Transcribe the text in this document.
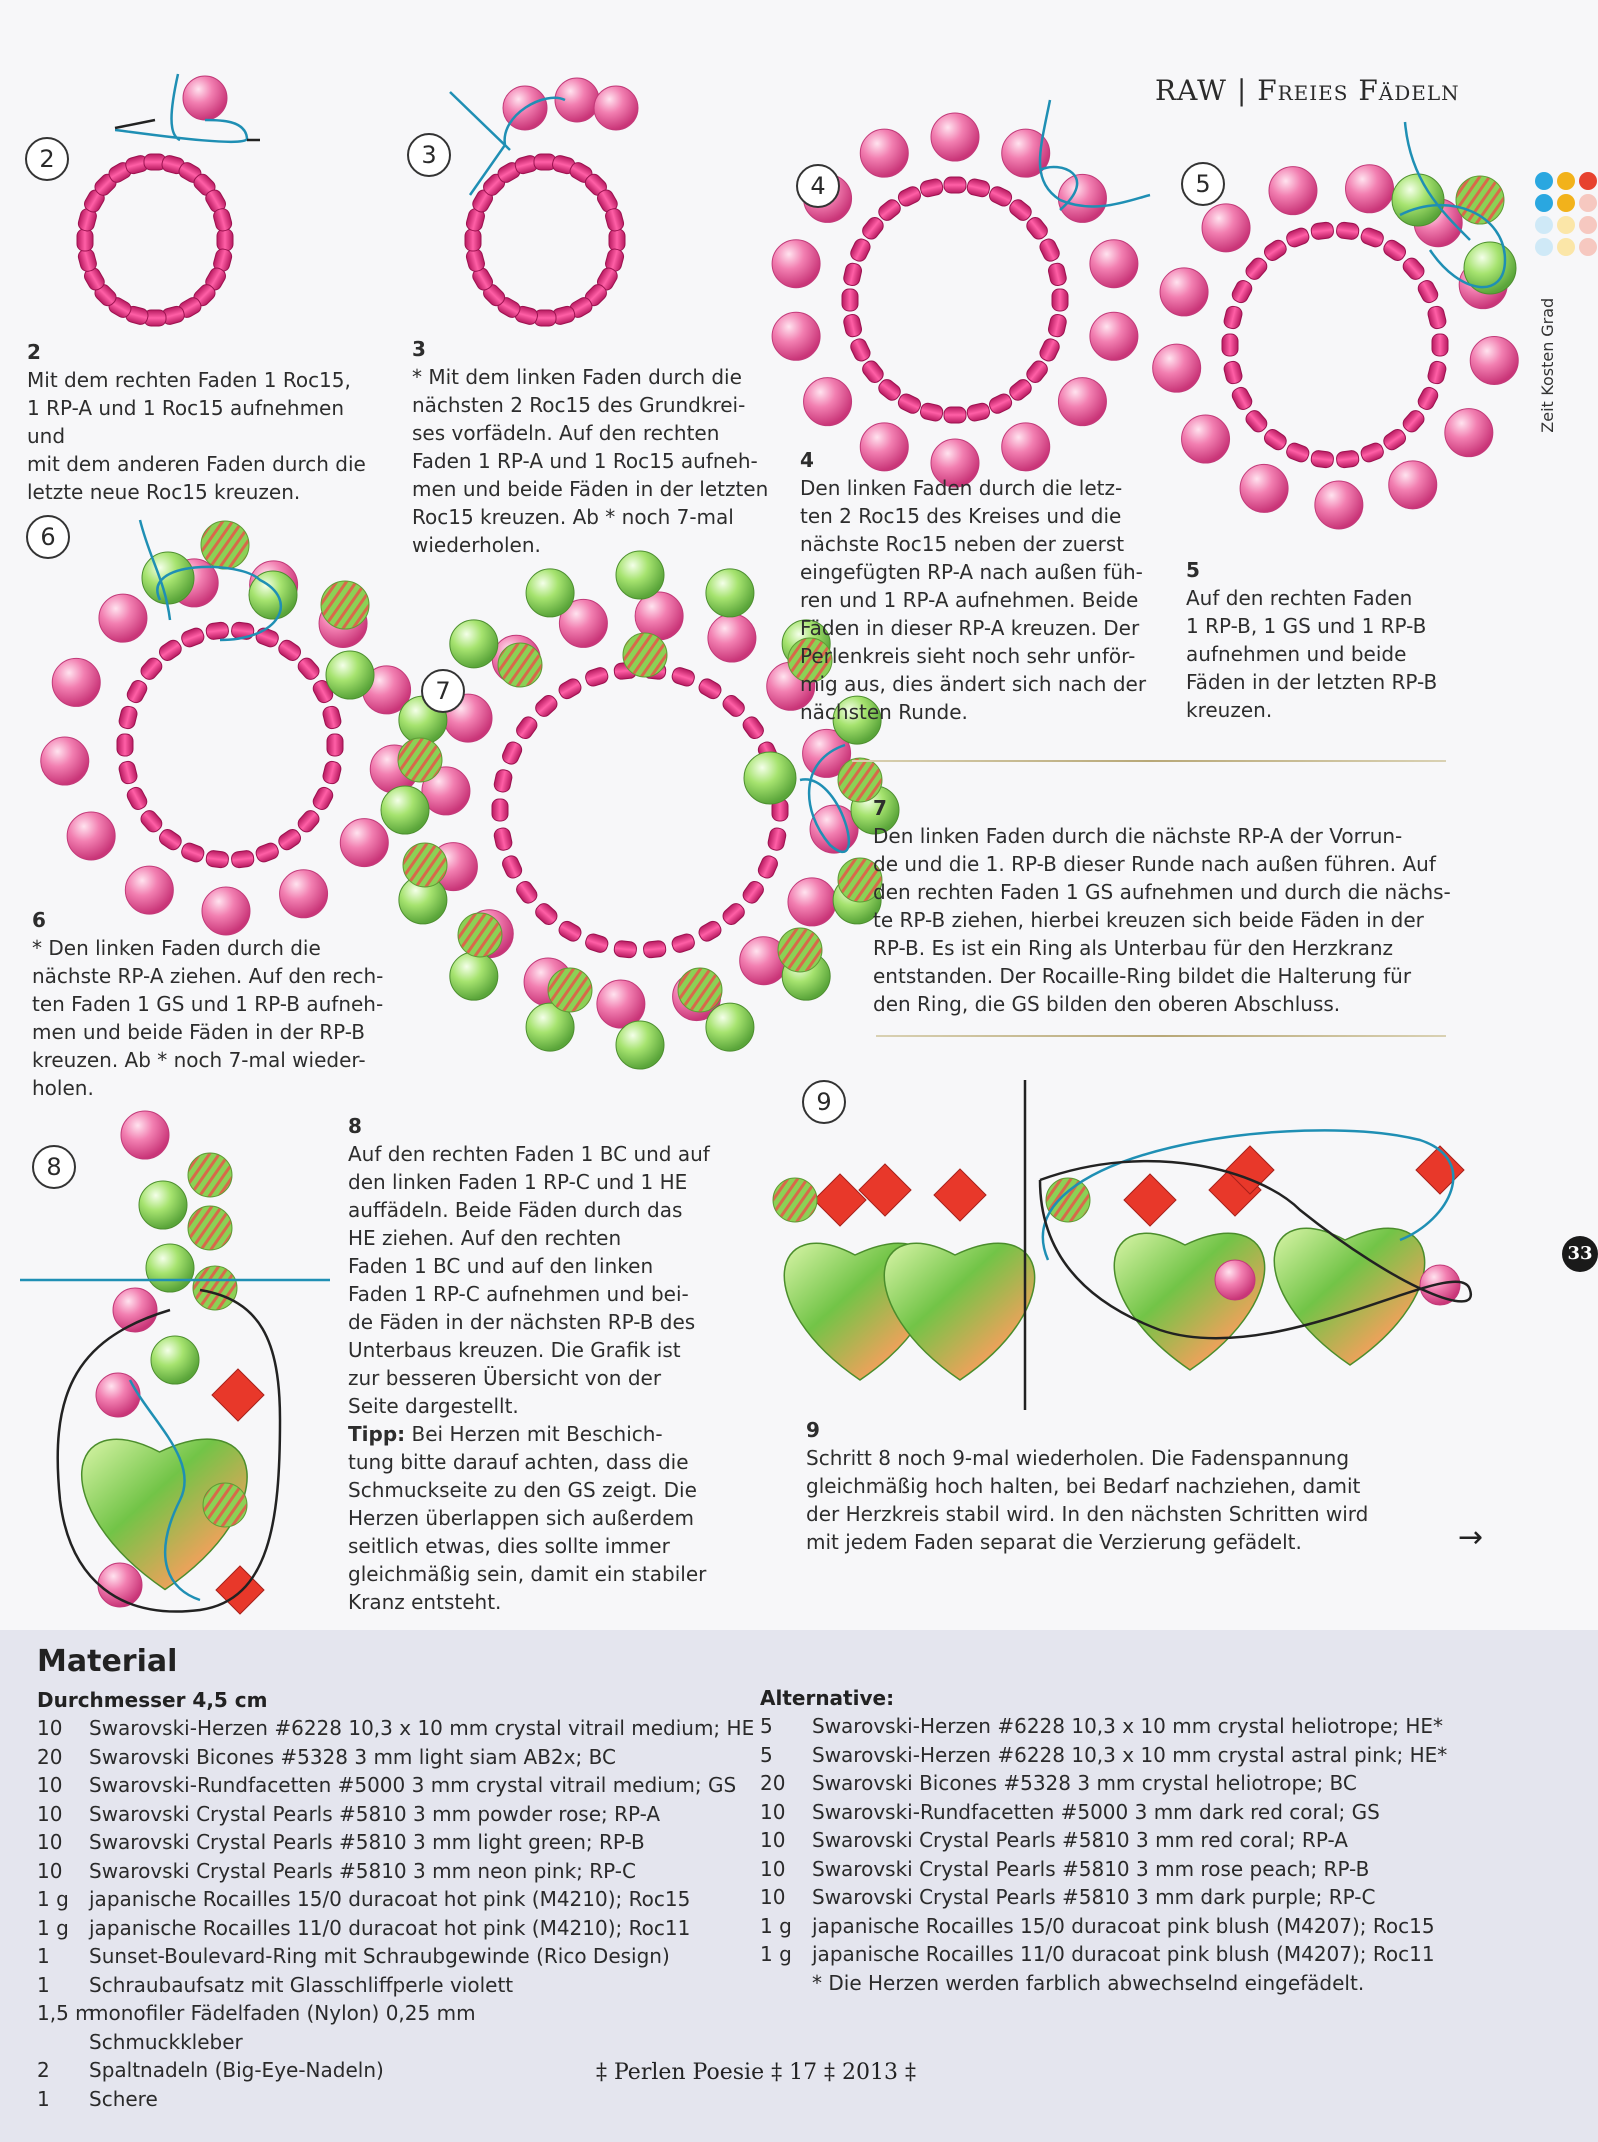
RAW | Freies Fädeln
Zeit Kosten Grad
2	3
4	5
6
7
8
9
2
Mit dem rechten Faden 1 Roc15,
1 RP-A und 1 Roc15 aufnehmen und
mit dem anderen Faden durch die
letzte neue Roc15 kreuzen.
3
* Mit dem linken Faden durch die
nächsten 2 Roc15 des Grundkrei-
ses vorfädeln. Auf den rechten
Faden 1 RP-A und 1 Roc15 aufneh-
men und beide Fäden in der letzten
Roc15 kreuzen. Ab * noch 7-mal
wiederholen.
4
Den linken Faden durch die letz-
ten 2 Roc15 des Kreises und die
nächste Roc15 neben der zuerst
eingefügten RP-A nach außen füh-
ren und 1 RP-A aufnehmen. Beide
Fäden in dieser RP-A kreuzen. Der
Perlenkreis sieht noch sehr unför-
mig aus, dies ändert sich nach der
nächsten Runde.
5
Auf den rechten Faden
1 RP-B, 1 GS und 1 RP-B
aufnehmen und beide
Fäden in der letzten RP-B
kreuzen.
6
* Den linken Faden durch die
nächste RP-A ziehen. Auf den rech-
ten Faden 1 GS und 1 RP-B aufneh-
men und beide Fäden in der RP-B
kreuzen. Ab * noch 7-mal wieder-
holen.
7
Den linken Faden durch die nächste RP-A der Vorrun-
de und die 1. RP-B dieser Runde nach außen führen. Auf
den rechten Faden 1 GS aufnehmen und durch die nächs-
te RP-B ziehen, hierbei kreuzen sich beide Fäden in der
RP-B. Es ist ein Ring als Unterbau für den Herzkranz
entstanden. Der Rocaille-Ring bildet die Halterung für
den Ring, die GS bilden den oberen Abschluss.
8
Auf den rechten Faden 1 BC und auf
den linken Faden 1 RP-C und 1 HE
auffädeln. Beide Fäden durch das
HE ziehen. Auf den rechten
Faden 1 BC und auf den linken
Faden 1 RP-C aufnehmen und bei-
de Fäden in der nächsten RP-B des
Unterbaus kreuzen. Die Grafik ist
zur besseren Übersicht von der
Seite dargestellt.
Tipp: Bei Herzen mit Beschich-
tung bitte darauf achten, dass die
Schmuckseite zu den GS zeigt. Die
Herzen überlappen sich außerdem
seitlich etwas, dies sollte immer
gleichmäßig sein, damit ein stabiler
Kranz entsteht.
9
Schritt 8 noch 9-mal wiederholen. Die Fadenspannung
gleichmäßig hoch halten, bei Bedarf nachziehen, damit
der Herzkreis stabil wird. In den nächsten Schritten wird
mit jedem Faden separat die Verzierung gefädelt.	→
33
Material
Durchmesser 4,5 cm
10 Swarovski-Herzen #6228 10,3 x 10 mm crystal vitrail medium; HE
20 Swarovski Bicones #5328 3 mm light siam AB2x; BC
10 Swarovski-Rundfacetten #5000 3 mm crystal vitrail medium; GS
10 Swarovski Crystal Pearls #5810 3 mm powder rose; RP-A
10 Swarovski Crystal Pearls #5810 3 mm light green; RP-B
10 Swarovski Crystal Pearls #5810 3 mm neon pink; RP-C
1 g japanische Rocailles 15/0 duracoat hot pink (M4210); Roc15
1 g japanische Rocailles 11/0 duracoat hot pink (M4210); Roc11
1 Sunset-Boulevard-Ring mit Schraubgewinde (Rico Design)
1 Schraubaufsatz mit Glasschliffperle violett
1,5 mmonofiler Fädelfaden (Nylon) 0,25 mm
Schmuckkleber
2 Spaltnadeln (Big-Eye-Nadeln)
1 Schere
Alternative:
5 Swarovski-Herzen #6228 10,3 x 10 mm crystal heliotrope; HE*
5 Swarovski-Herzen #6228 10,3 x 10 mm crystal astral pink; HE*
20 Swarovski Bicones #5328 3 mm crystal heliotrope; BC
10 Swarovski-Rundfacetten #5000 3 mm dark red coral; GS
10 Swarovski Crystal Pearls #5810 3 mm red coral; RP-A
10 Swarovski Crystal Pearls #5810 3 mm rose peach; RP-B
10 Swarovski Crystal Pearls #5810 3 mm dark purple; RP-C
1 g japanische Rocailles 15/0 duracoat pink blush (M4207); Roc15
1 g japanische Rocailles 11/0 duracoat pink blush (M4207); Roc11
* Die Herzen werden farblich abwechselnd eingefädelt.
‡ Perlen Poesie ‡ 17 ‡ 2013 ‡
